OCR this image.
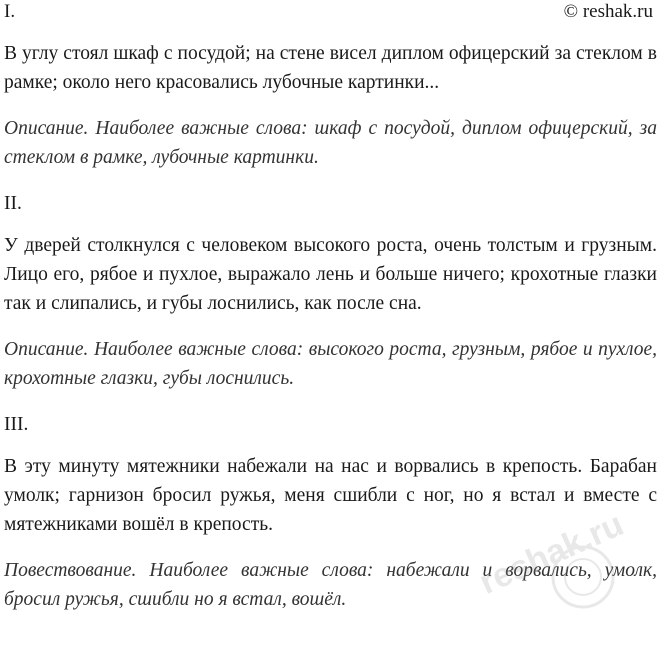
I.	© reshak.ru

В углу стоял шкаф с посудой; на стене висел диплом офицерский за стеклом в рамке; около него красовались лубочные картинки...

Описание. Наиболее важные слова: шкаф с посудой, диплом офицерский, за стеклом в рамке, лубочные картинки.

II.

У дверей столкнулся с человеком высокого роста, очень толстым и грузным. Лицо его, рябое и пухлое, выражало лень и больше ничего; крохотные глазки так и слипались, и губы лоснились, как после сна.

Описание. Наиболее важные слова: высокого роста, грузным, рябое и пухлое, крохотные глазки, губы лоснились.

III.

В эту минуту мятежники набежали на нас и ворвались в крепость. Барабан умолк; гарнизон бросил ружья, меня сшибли с ног, но я встал и вместе с мятежниками вошёл в крепость.

Повествование. Наиболее важные слова: набежали и ворвались, умолк, бросил ружья, сшибли но я встал, вошёл.	reshak.ru
